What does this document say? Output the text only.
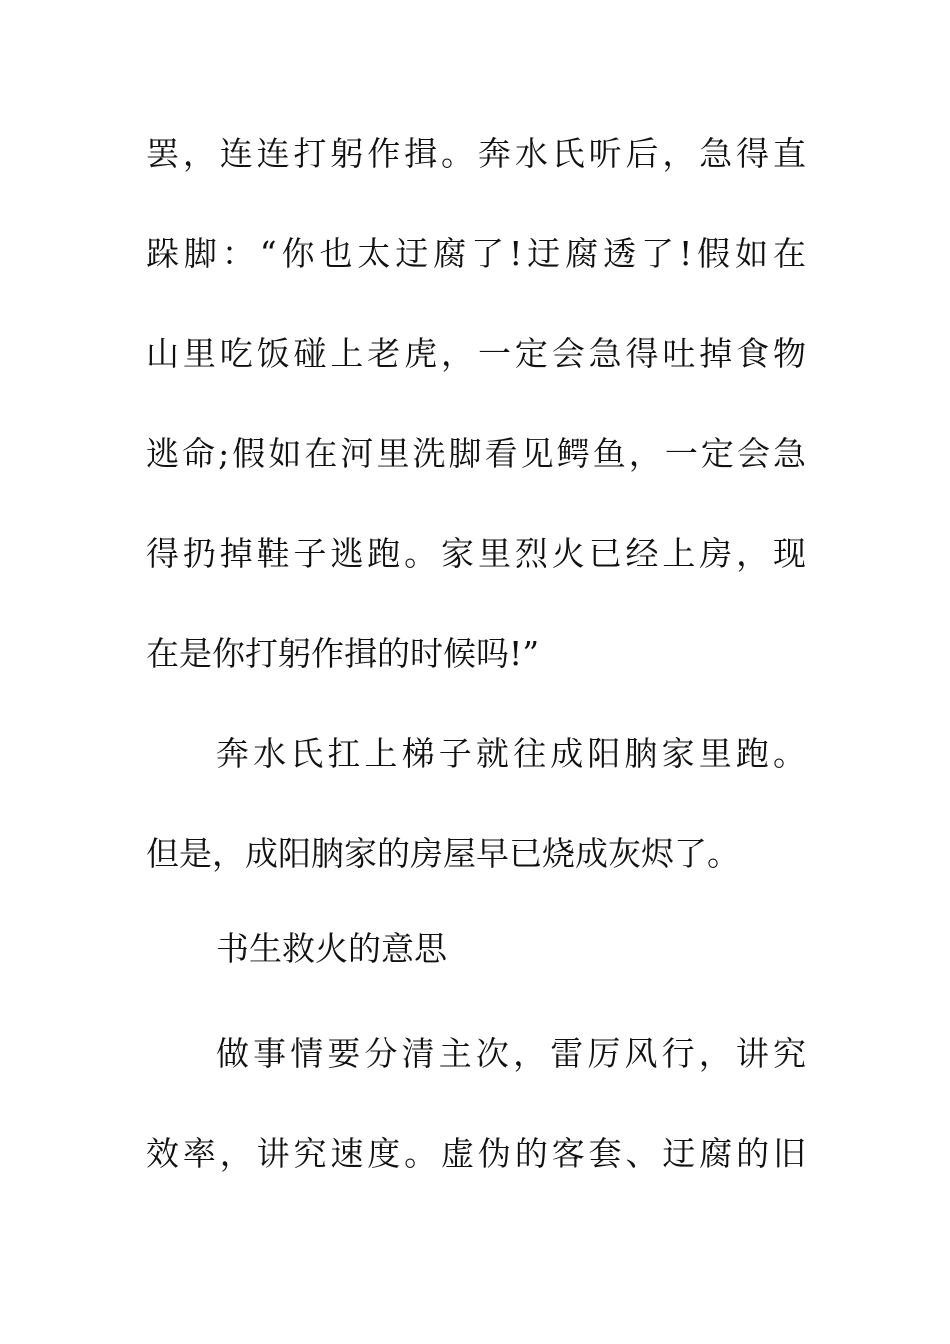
罢，连连打躬作揖。奔水氏听后，急得直

跺脚：“你也太迂腐了!迂腐透了!假如在

山里吃饭碰上老虎，一定会急得吐掉食物

逃命;假如在河里洗脚看见鳄鱼，一定会急

得扔掉鞋子逃跑。家里烈火已经上房，现

在是你打躬作揖的时候吗!”

奔水氏扛上梯子就往成阳朒家里跑。

但是，成阳朒家的房屋早已烧成灰烬了。

书生救火的意思

做事情要分清主次，雷厉风行，讲究

效率，讲究速度。虚伪的客套、迂腐的旧
